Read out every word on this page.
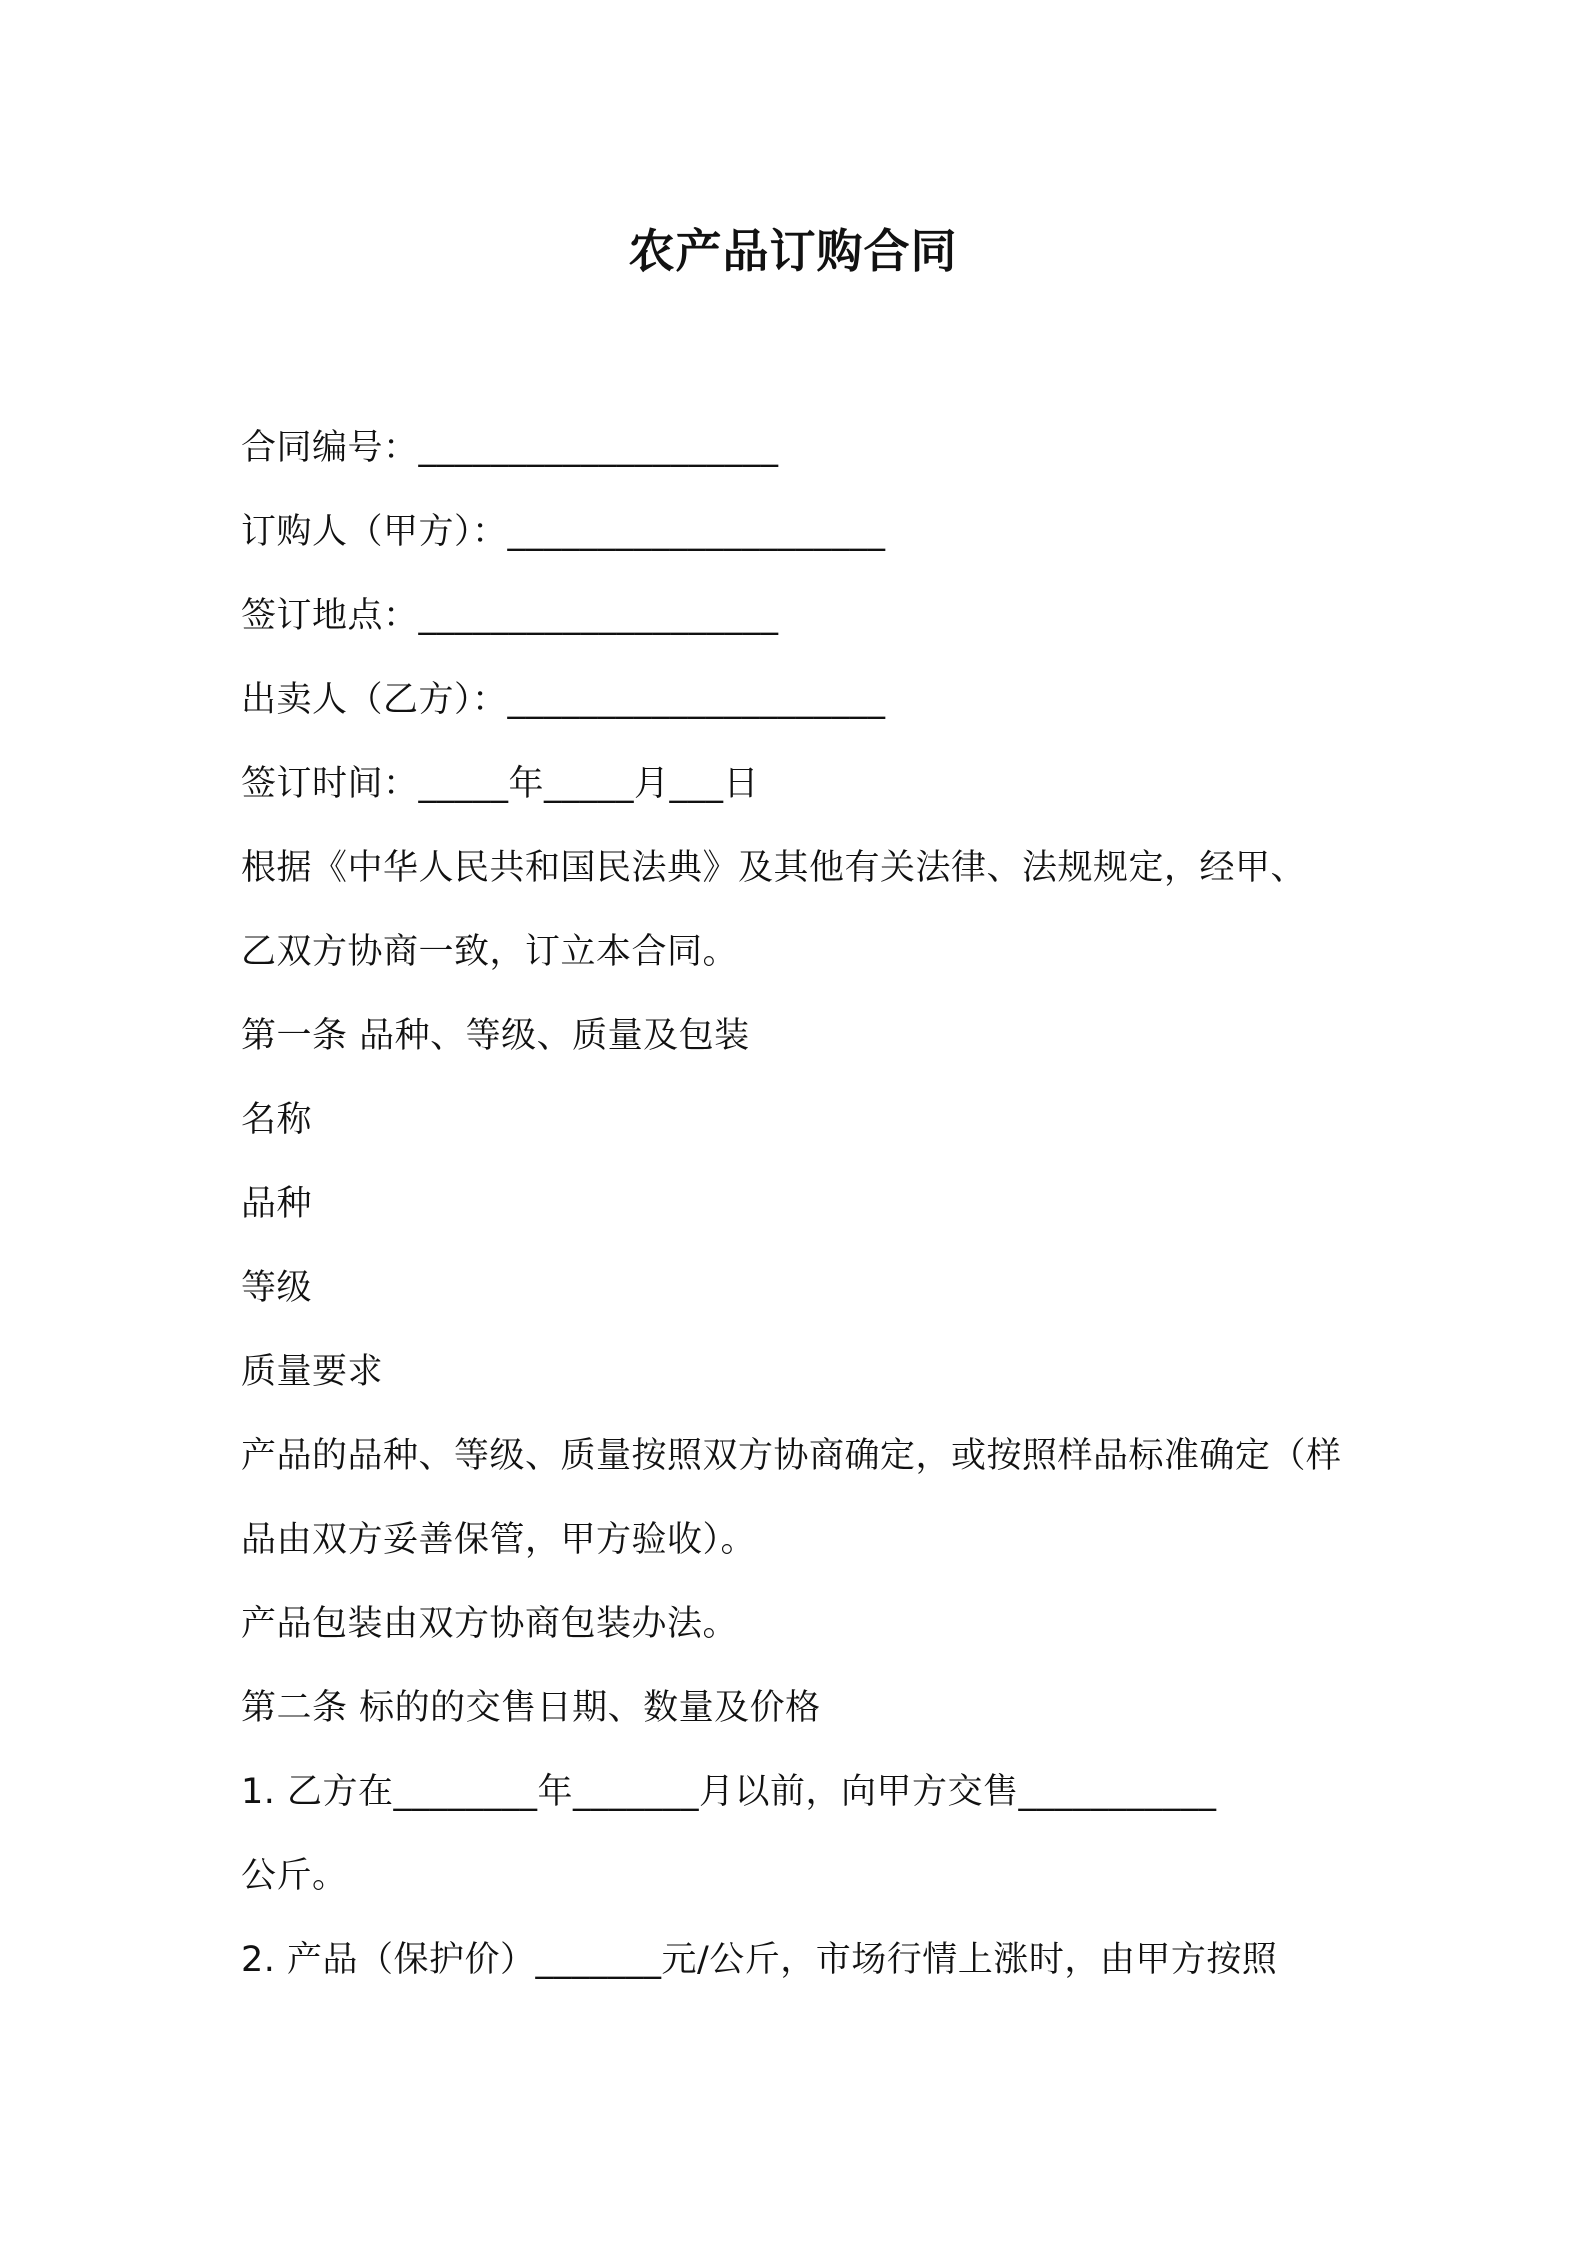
农产品订购合同
合同编号：____________________
订购人（甲方）：_____________________
签订地点：____________________
出卖人（乙方）：_____________________
签订时间：_____年_____月___日
根据《中华人民共和国民法典》及其他有关法律、法规规定，经甲、
乙双方协商一致，订立本合同。
第一条 品种、等级、质量及包装
名称
品种
等级
质量要求
产品的品种、等级、质量按照双方协商确定，或按照样品标准确定（样
品由双方妥善保管，甲方验收）。
产品包装由双方协商包装办法。
第二条 标的的交售日期、数量及价格
1. 乙方在________年_______月以前，向甲方交售___________
公斤。
2. 产品（保护价）_______元/公斤，市场行情上涨时，由甲方按照
